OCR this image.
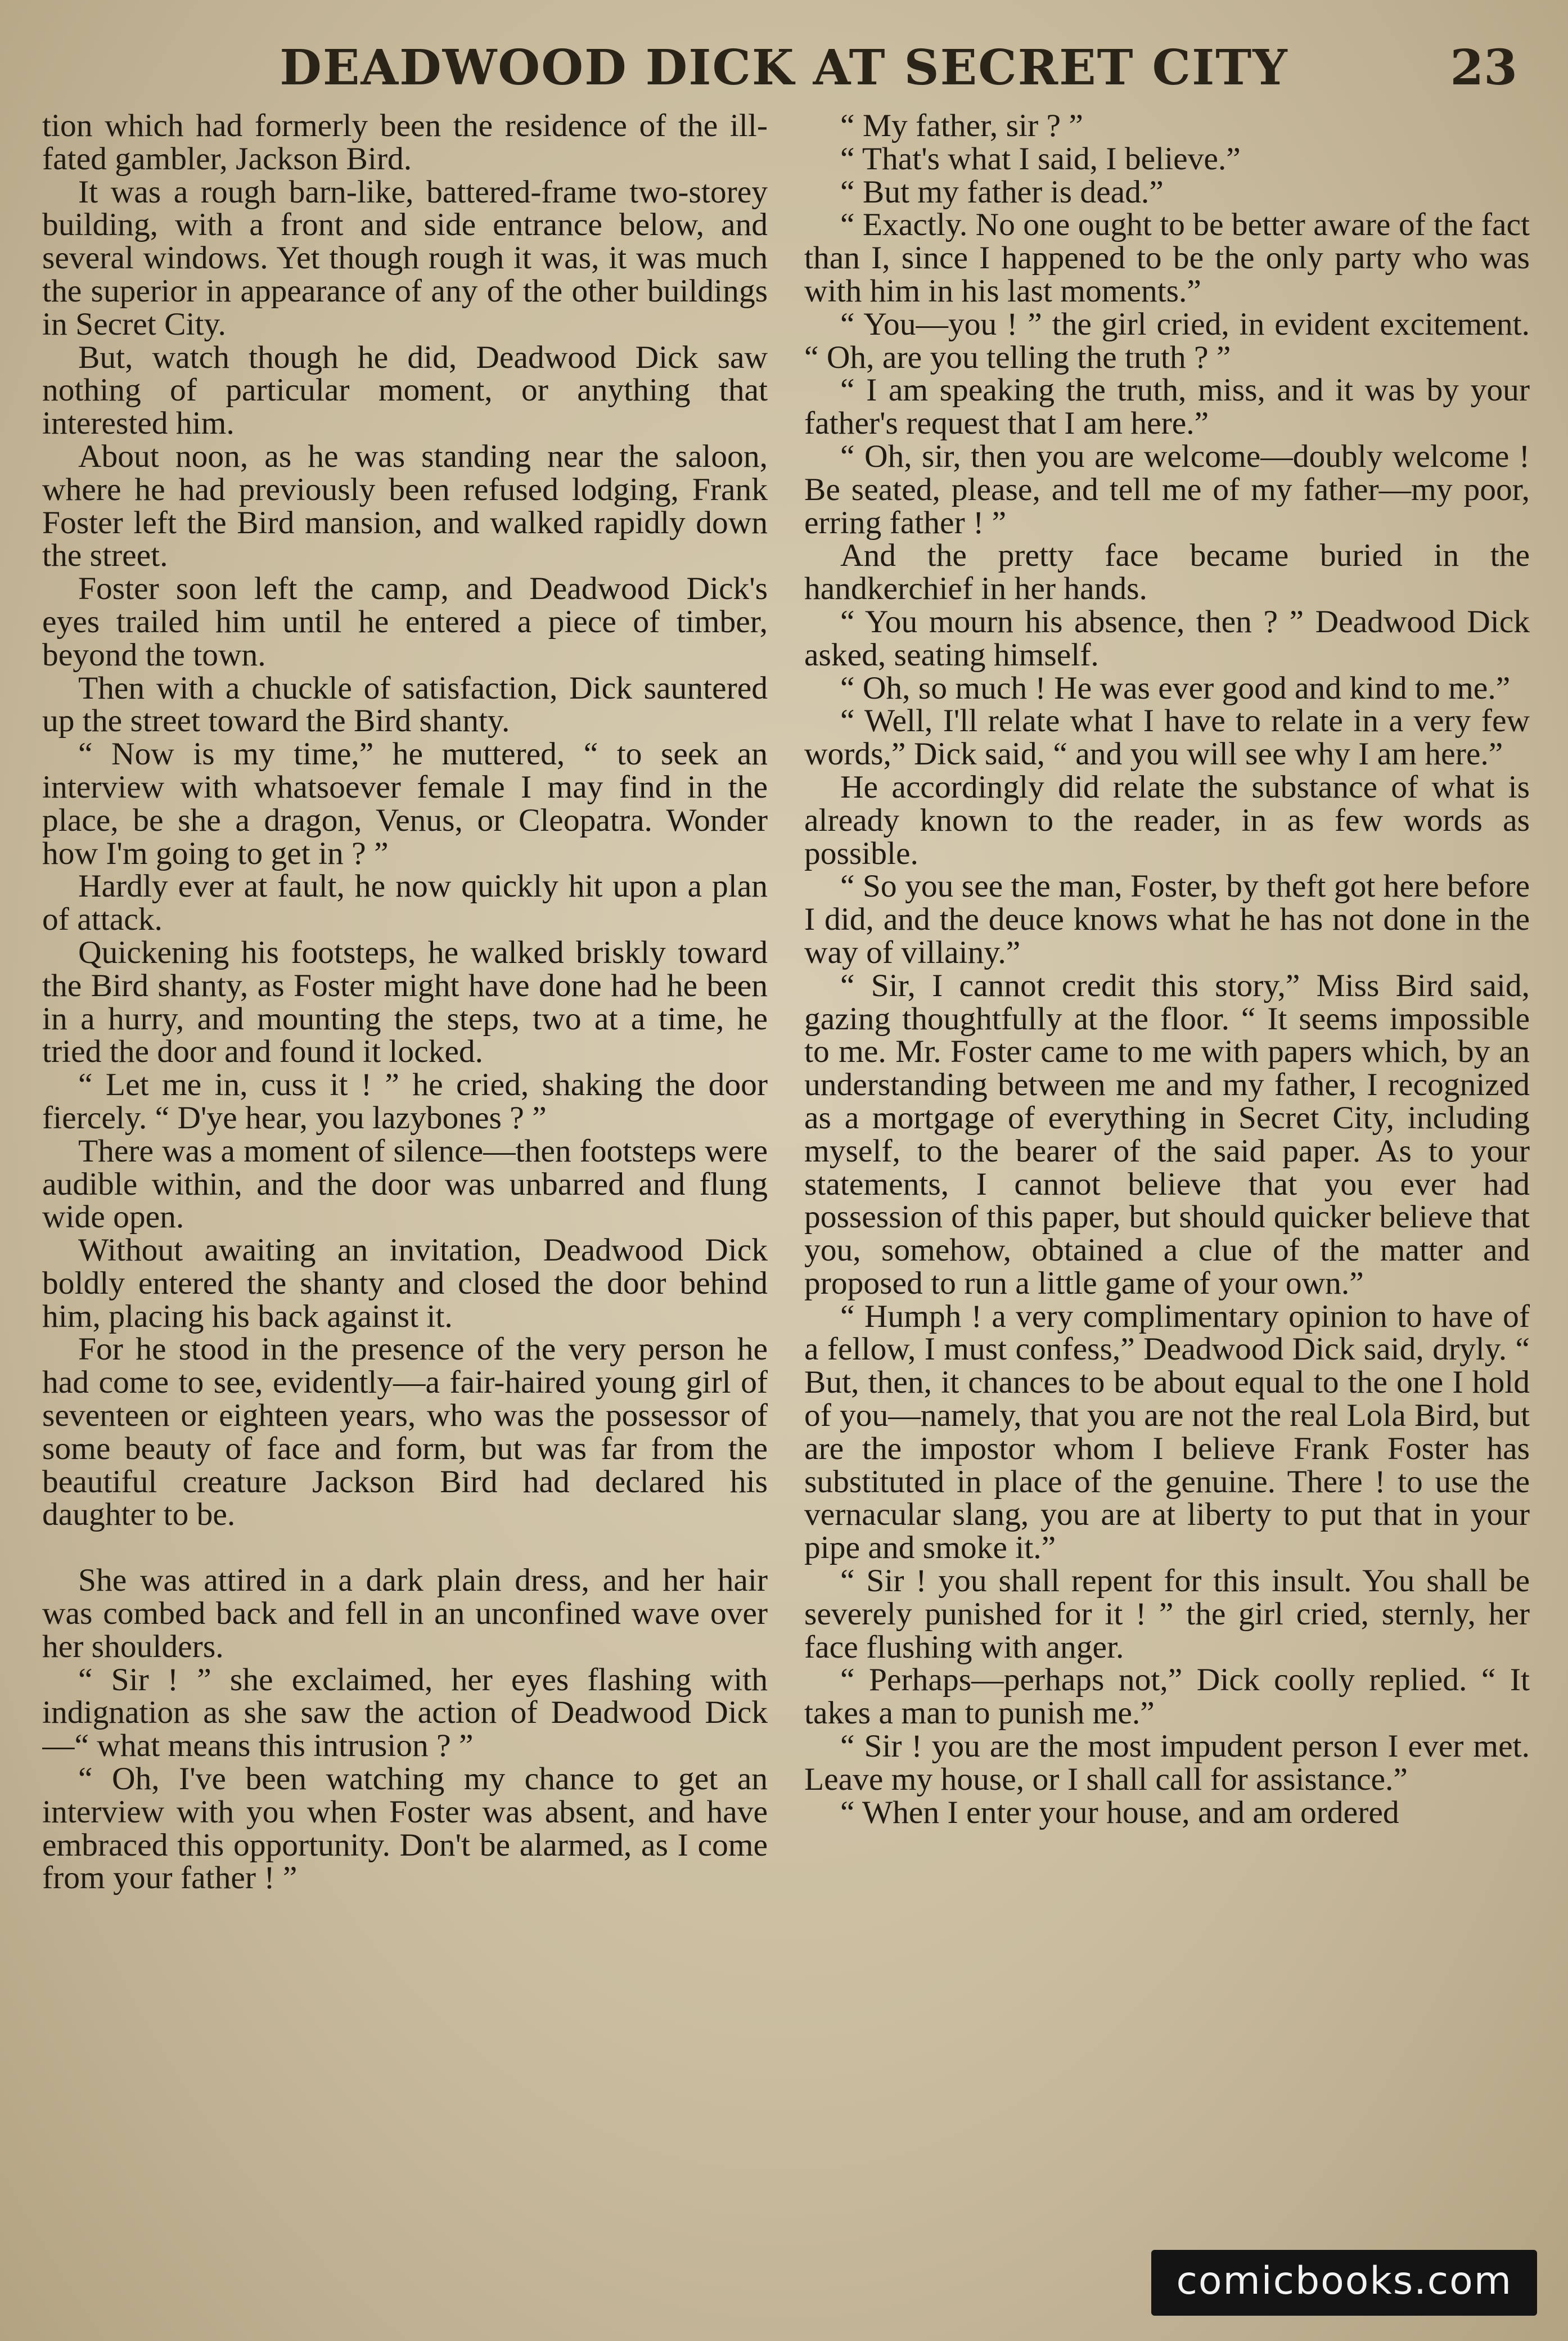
DEADWOOD DICK AT SECRET CITY	23

tion which had formerly been the residence of the ill-fated gambler, Jackson Bird.

It was a rough barn-like, battered-frame two-storey building, with a front and side entrance below, and several windows. Yet though rough it was, it was much the superior in appearance of any of the other buildings in Secret City.

But, watch though he did, Deadwood Dick saw nothing of particular moment, or anything that interested him.

About noon, as he was standing near the saloon, where he had previously been refused lodging, Frank Foster left the Bird mansion, and walked rapidly down the street.

Foster soon left the camp, and Deadwood Dick's eyes trailed him until he entered a piece of timber, beyond the town.

Then with a chuckle of satisfaction, Dick sauntered up the street toward the Bird shanty.

“ Now is my time,” he muttered, “ to seek an interview with whatsoever female I may find in the place, be she a dragon, Venus, or Cleopatra. Wonder how I'm going to get in ? ”

Hardly ever at fault, he now quickly hit upon a plan of attack.

Quickening his footsteps, he walked briskly toward the Bird shanty, as Foster might have done had he been in a hurry, and mounting the steps, two at a time, he tried the door and found it locked.

“ Let me in, cuss it ! ” he cried, shaking the door fiercely. “ D'ye hear, you lazybones ? ”

There was a moment of silence—then footsteps were audible within, and the door was unbarred and flung wide open.

Without awaiting an invitation, Deadwood Dick boldly entered the shanty and closed the door behind him, placing his back against it.

For he stood in the presence of the very person he had come to see, evidently—a fair-haired young girl of seventeen or eighteen years, who was the possessor of some beauty of face and form, but was far from the beautiful creature Jackson Bird had declared his daughter to be.

She was attired in a dark plain dress, and her hair was combed back and fell in an unconfined wave over her shoulders.

“ Sir ! ” she exclaimed, her eyes flashing with indignation as she saw the action of Deadwood Dick—“ what means this intrusion ? ”

“ Oh, I've been watching my chance to get an interview with you when Foster was absent, and have embraced this opportunity. Don't be alarmed, as I come from your father ! ”

“ My father, sir ? ”

“ That's what I said, I believe.”

“ But my father is dead.”

“ Exactly. No one ought to be better aware of the fact than I, since I happened to be the only party who was with him in his last moments.”

“ You—you ! ” the girl cried, in evident excitement. “ Oh, are you telling the truth ? ”

“ I am speaking the truth, miss, and it was by your father's request that I am here.”

“ Oh, sir, then you are welcome—doubly welcome ! Be seated, please, and tell me of my father—my poor, erring father ! ”

And the pretty face became buried in the handkerchief in her hands.

“ You mourn his absence, then ? ” Deadwood Dick asked, seating himself.

“ Oh, so much ! He was ever good and kind to me.”

“ Well, I'll relate what I have to relate in a very few words,” Dick said, “ and you will see why I am here.”

He accordingly did relate the substance of what is already known to the reader, in as few words as possible.

“ So you see the man, Foster, by theft got here before I did, and the deuce knows what he has not done in the way of villainy.”

“ Sir, I cannot credit this story,” Miss Bird said, gazing thoughtfully at the floor. “ It seems impossible to me. Mr. Foster came to me with papers which, by an understanding between me and my father, I recognized as a mortgage of everything in Secret City, including myself, to the bearer of the said paper. As to your statements, I cannot believe that you ever had possession of this paper, but should quicker believe that you, somehow, obtained a clue of the matter and proposed to run a little game of your own.”

“ Humph ! a very complimentary opinion to have of a fellow, I must confess,” Deadwood Dick said, dryly. “ But, then, it chances to be about equal to the one I hold of you—namely, that you are not the real Lola Bird, but are the impostor whom I believe Frank Foster has substituted in place of the genuine. There ! to use the vernacular slang, you are at liberty to put that in your pipe and smoke it.”

“ Sir ! you shall repent for this insult. You shall be severely punished for it ! ” the girl cried, sternly, her face flushing with anger.

“ Perhaps—perhaps not,” Dick coolly replied. “ It takes a man to punish me.”

“ Sir ! you are the most impudent person I ever met. Leave my house, or I shall call for assistance.”

“ When I enter your house, and am ordered

comicbooks.com
